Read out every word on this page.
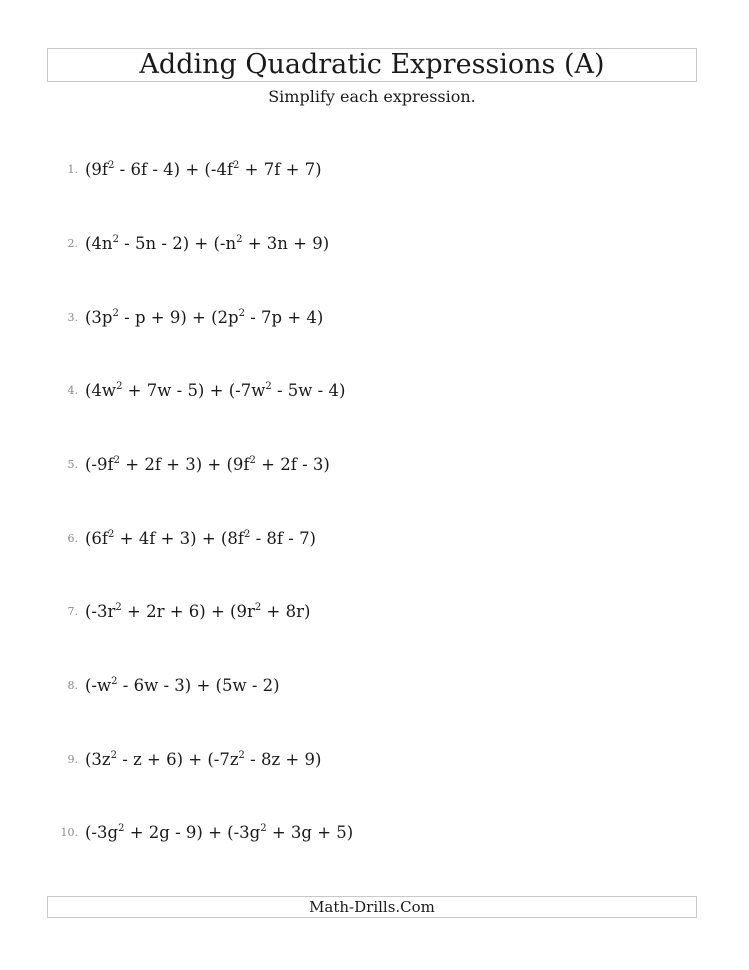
Adding Quadratic Expressions (A)
Simplify each expression.
1. $(9f^2 - 6f - 4) + (-4f^2 + 7f + 7)$
2. $(4n^2 - 5n - 2) + (-n^2 + 3n + 9)$
3. $(3p^2 - p + 9) + (2p^2 - 7p + 4)$
4. $(4w^2 + 7w - 5) + (-7w^2 - 5w - 4)$
5. $(-9f^2 + 2f + 3) + (9f^2 + 2f - 3)$
6. $(6f^2 + 4f + 3) + (8f^2 - 8f - 7)$
7. $(-3r^2 + 2r + 6) + (9r^2 + 8r)$
8. $(-w^2 - 6w - 3) + (5w - 2)$
9. $(3z^2 - z + 6) + (-7z^2 - 8z + 9)$
10. $(-3g^2 + 2g - 9) + (-3g^2 + 3g + 5)$
Math-Drills.Com
